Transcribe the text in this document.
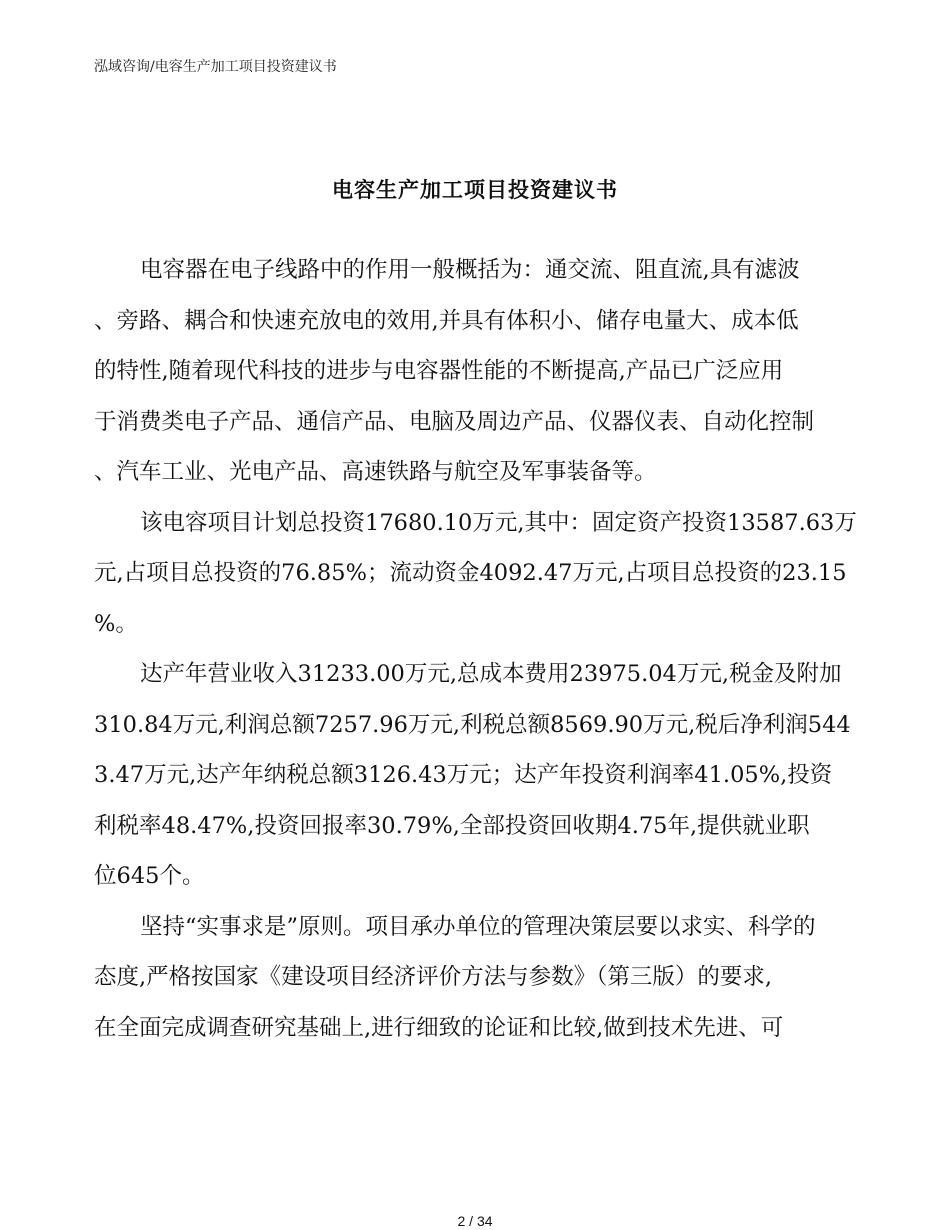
泓域咨询/电容生产加工项目投资建议书
电容生产加工项目投资建议书
电容器在电子线路中的作用一般概括为：通交流、阻直流,具有滤波
、旁路、耦合和快速充放电的效用,并具有体积小、储存电量大、成本低
的特性,随着现代科技的进步与电容器性能的不断提高,产品已广泛应用
于消费类电子产品、通信产品、电脑及周边产品、仪器仪表、自动化控制
、汽车工业、光电产品、高速铁路与航空及军事装备等。
该电容项目计划总投资17680.10万元,其中：固定资产投资13587.63万
元,占项目总投资的76.85%；流动资金4092.47万元,占项目总投资的23.15
%。
达产年营业收入31233.00万元,总成本费用23975.04万元,税金及附加
310.84万元,利润总额7257.96万元,利税总额8569.90万元,税后净利润544
3.47万元,达产年纳税总额3126.43万元；达产年投资利润率41.05%,投资
利税率48.47%,投资回报率30.79%,全部投资回收期4.75年,提供就业职
位645个。
坚持“实事求是”原则。项目承办单位的管理决策层要以求实、科学的
态度,严格按国家《建设项目经济评价方法与参数》（第三版）的要求,
在全面完成调查研究基础上,进行细致的论证和比较,做到技术先进、可
2 / 34
